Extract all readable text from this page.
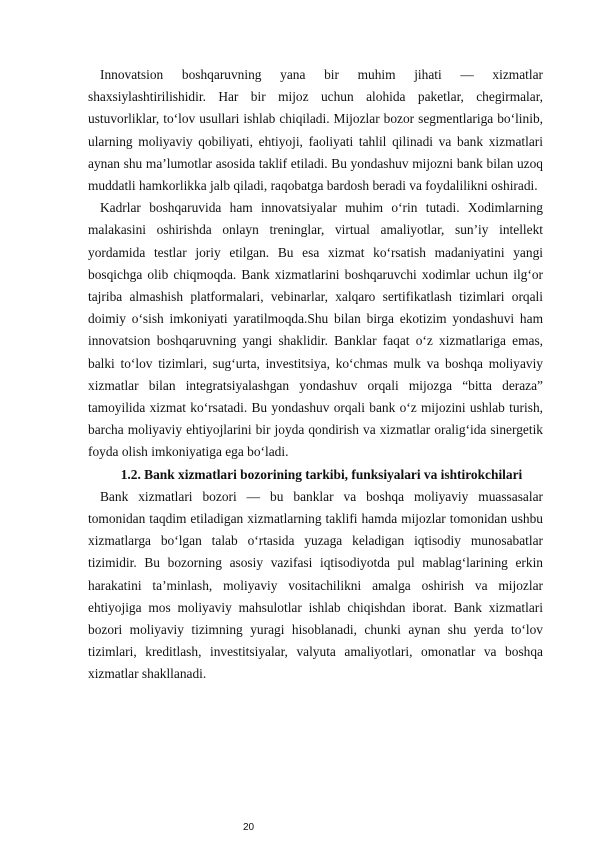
Innovatsion boshqaruvning yana bir muhim jihati — xizmatlar shaxsiylashtirilishidir. Har bir mijoz uchun alohida paketlar, chegirmalar, ustuvorliklar, to‘lov usullari ishlab chiqiladi. Mijozlar bozor segmentlariga bo‘linib, ularning moliyaviy qobiliyati, ehtiyoji, faoliyati tahlil qilinadi va bank xizmatlari aynan shu ma’lumotlar asosida taklif etiladi. Bu yondashuv mijozni bank bilan uzoq muddatli hamkorlikka jalb qiladi, raqobatga bardosh beradi va foydalilikni oshiradi.

Kadrlar boshqaruvida ham innovatsiyalar muhim o‘rin tutadi. Xodimlarning malakasini oshirishda onlayn treninglar, virtual amaliyotlar, sun’iy intellekt yordamida testlar joriy etilgan. Bu esa xizmat ko‘rsatish madaniyatini yangi bosqichga olib chiqmoqda. Bank xizmatlarini boshqaruvchi xodimlar uchun ilg‘or tajriba almashish platformalari, vebinarlar, xalqaro sertifikatlash tizimlari orqali doimiy o‘sish imkoniyati yaratilmoqda.Shu bilan birga ekotizim yondashuvi ham innovatsion boshqaruvning yangi shaklidir. Banklar faqat o‘z xizmatlariga emas, balki to‘lov tizimlari, sug‘urta, investitsiya, ko‘chmas mulk va boshqa moliyaviy xizmatlar bilan integratsiyalashgan yondashuv orqali mijozga “bitta deraza” tamoyilida xizmat ko‘rsatadi. Bu yondashuv orqali bank o‘z mijozini ushlab turish, barcha moliyaviy ehtiyojlarini bir joyda qondirish va xizmatlar oralig‘ida sinergetik foyda olish imkoniyatiga ega bo‘ladi.

1.2. Bank xizmatlari bozorining tarkibi, funksiyalari va ishtirokchilari

Bank xizmatlari bozori — bu banklar va boshqa moliyaviy muassasalar tomonidan taqdim etiladigan xizmatlarning taklifi hamda mijozlar tomonidan ushbu xizmatlarga bo‘lgan talab o‘rtasida yuzaga keladigan iqtisodiy munosabatlar tizimidir. Bu bozorning asosiy vazifasi iqtisodiyotda pul mablag‘larining erkin harakatini ta’minlash, moliyaviy vositachilikni amalga oshirish va mijozlar ehtiyojiga mos moliyaviy mahsulotlar ishlab chiqishdan iborat. Bank xizmatlari bozori moliyaviy tizimning yuragi hisoblanadi, chunki aynan shu yerda to‘lov tizimlari, kreditlash, investitsiyalar, valyuta amaliyotlari, omonatlar va boshqa xizmatlar shakllanadi.

20
